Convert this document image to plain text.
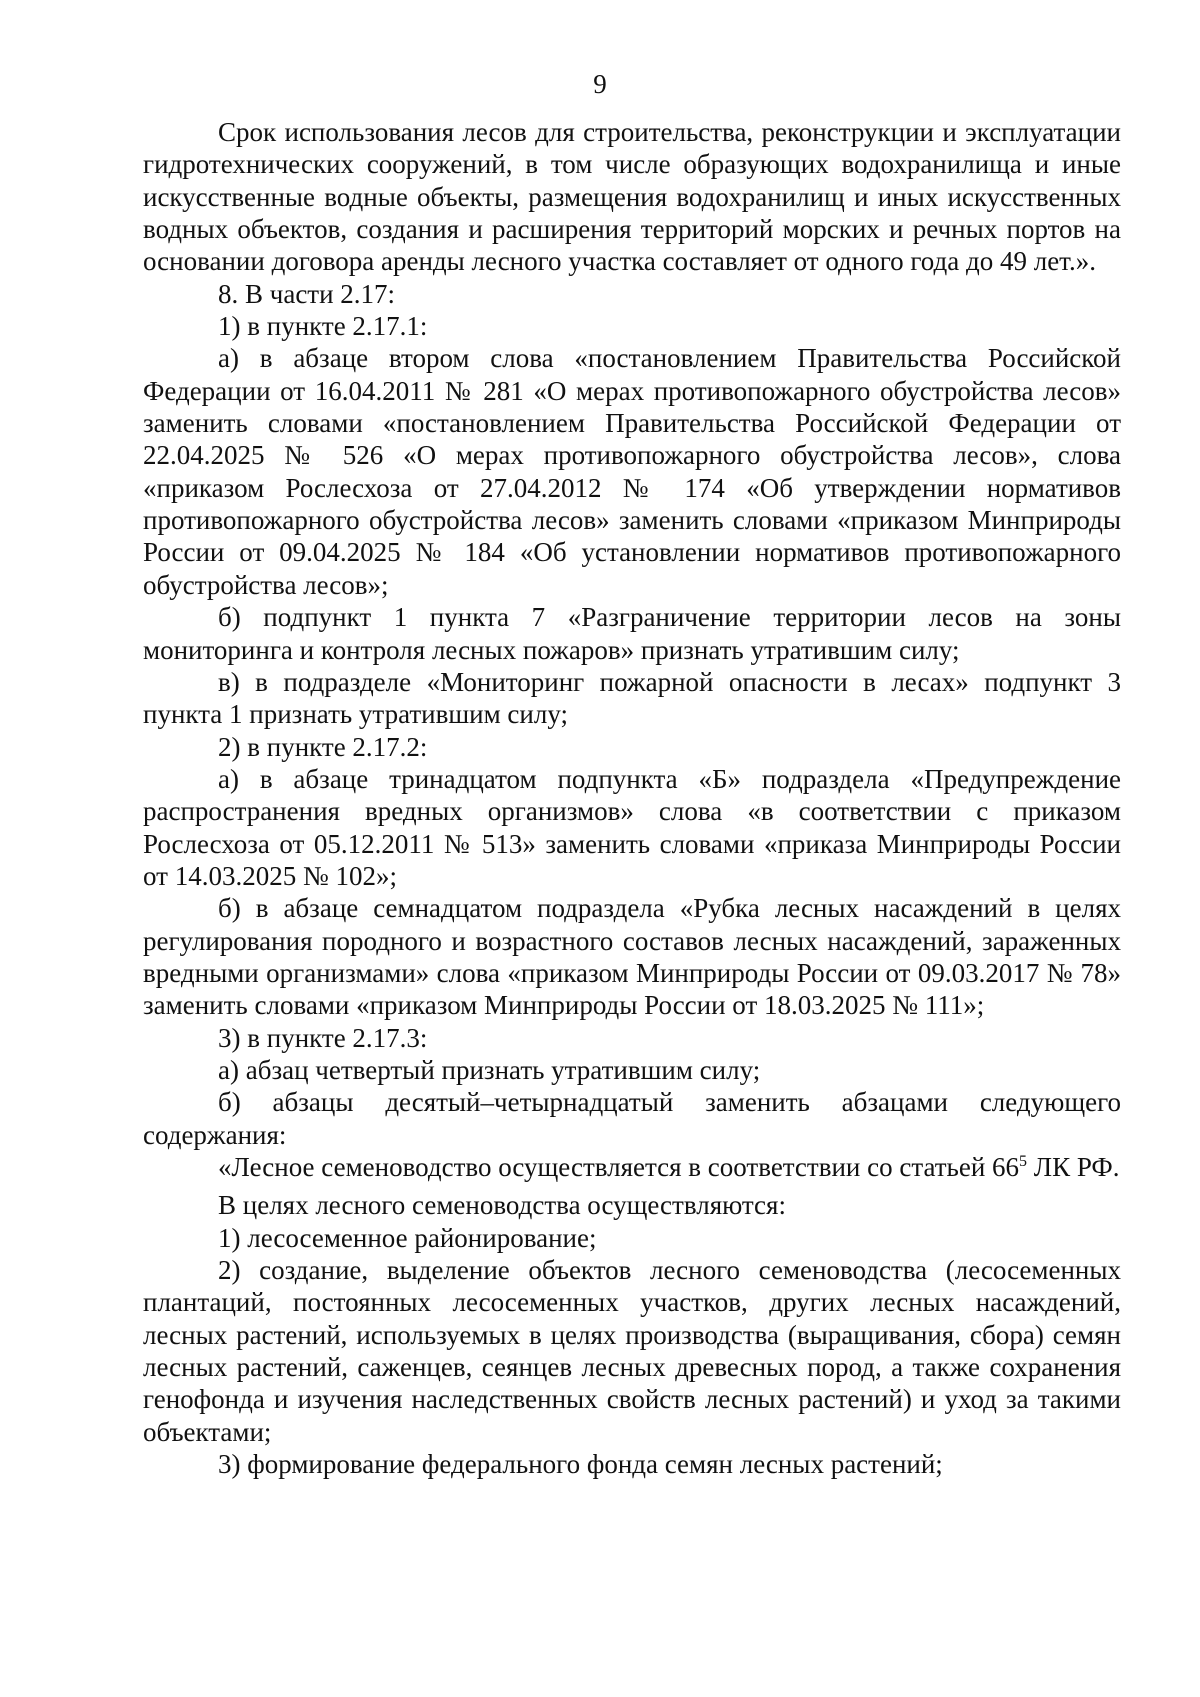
9

Срок использования лесов для строительства, реконструкции и эксплуатации гидротехнических сооружений, в том числе образующих водохранилища и иные искусственные водные объекты, размещения водохранилищ и иных искусственных водных объектов, создания и расширения территорий морских и речных портов на основании договора аренды лесного участка составляет от одного года до 49 лет.».

8. В части 2.17:

1) в пункте 2.17.1:

а) в абзаце втором слова «постановлением Правительства Российской Федерации от 16.04.2011 № 281 «О мерах противопожарного обустройства лесов» заменить словами «постановлением Правительства Российской Федерации от 22.04.2025 № 526 «О мерах противопожарного обустройства лесов», слова «приказом Рослесхоза от 27.04.2012 № 174 «Об утверждении нормативов противопожарного обустройства лесов» заменить словами «приказом Минприроды России от 09.04.2025 № 184 «Об установлении нормативов противопожарного обустройства лесов»;

б) подпункт 1 пункта 7 «Разграничение территории лесов на зоны мониторинга и контроля лесных пожаров» признать утратившим силу;

в) в подразделе «Мониторинг пожарной опасности в лесах» подпункт 3 пункта 1 признать утратившим силу;

2) в пункте 2.17.2:

а) в абзаце тринадцатом подпункта «Б» подраздела «Предупреждение распространения вредных организмов» слова «в соответствии с приказом Рослесхоза от 05.12.2011 № 513» заменить словами «приказа Минприроды России от 14.03.2025 № 102»;

б) в абзаце семнадцатом подраздела «Рубка лесных насаждений в целях регулирования породного и возрастного составов лесных насаждений, зараженных вредными организмами» слова «приказом Минприроды России от 09.03.2017 № 78» заменить словами «приказом Минприроды России от 18.03.2025 № 111»;

3) в пункте 2.17.3:

а) абзац четвертый признать утратившим силу;

б) абзацы десятый–четырнадцатый заменить абзацами следующего содержания:

«Лесное семеноводство осуществляется в соответствии со статьей $66^5$ ЛК РФ.

В целях лесного семеноводства осуществляются:

1) лесосеменное районирование;

2) создание, выделение объектов лесного семеноводства (лесосеменных плантаций, постоянных лесосеменных участков, других лесных насаждений, лесных растений, используемых в целях производства (выращивания, сбора) семян лесных растений, саженцев, сеянцев лесных древесных пород, а также сохранения генофонда и изучения наследственных свойств лесных растений) и уход за такими объектами;

3) формирование федерального фонда семян лесных растений;
